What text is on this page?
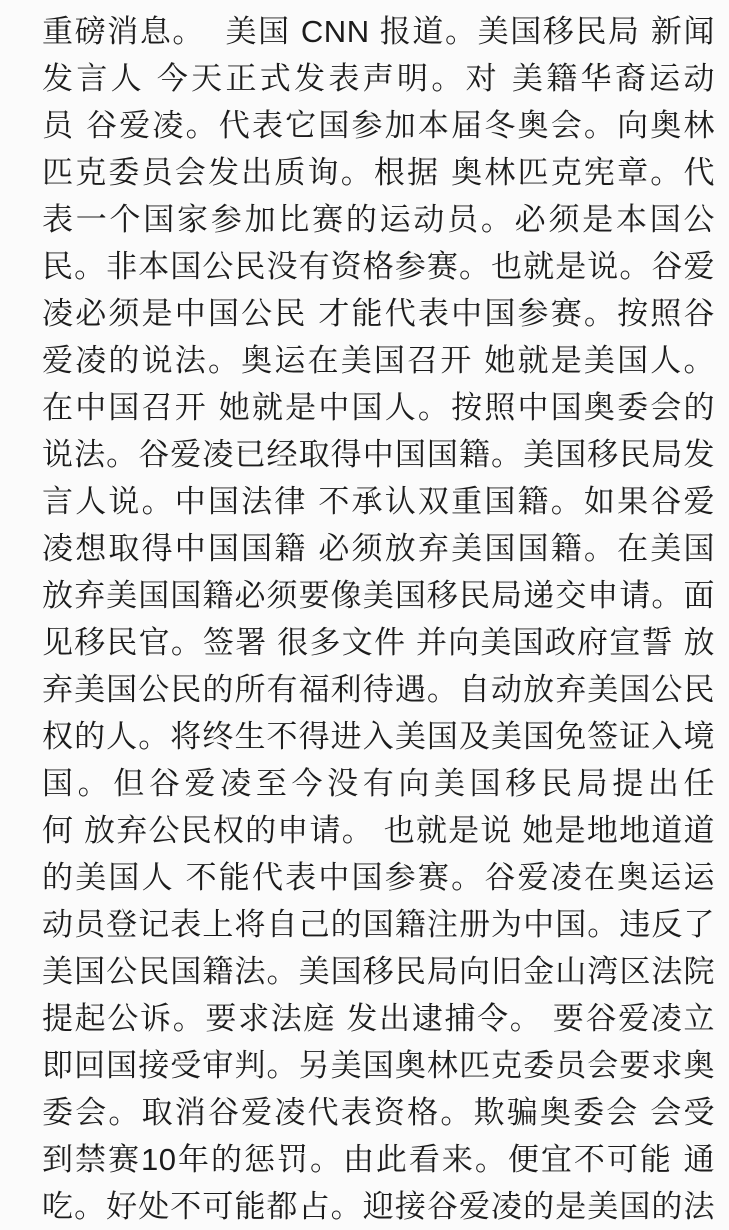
重磅消息。  美国 CNN 报道。美国移民局 新闻
发言人 今天正式发表声明。对 美籍华裔运动
员 谷爱凌。代表它国参加本届冬奥会。向奥林
匹克委员会发出质询。根据 奥林匹克宪章。代
表一个国家参加比赛的运动员。必须是本国公
民。非本国公民没有资格参赛。也就是说。谷爱
凌必须是中国公民 才能代表中国参赛。按照谷
爱凌的说法。奥运在美国召开 她就是美国人。
在中国召开 她就是中国人。按照中国奥委会的
说法。谷爱凌已经取得中国国籍。美国移民局发
言人说。中国法律 不承认双重国籍。如果谷爱
凌想取得中国国籍 必须放弃美国国籍。在美国
放弃美国国籍必须要像美国移民局递交申请。面
见移民官。签署 很多文件 并向美国政府宣誓 放
弃美国公民的所有福利待遇。自动放弃美国公民
权的人。将终生不得进入美国及美国免签证入境
国。但谷爱凌至今没有向美国移民局提出任
何 放弃公民权的申请。 也就是说 她是地地道道
的美国人 不能代表中国参赛。谷爱凌在奥运运
动员登记表上将自己的国籍注册为中国。违反了
美国公民国籍法。美国移民局向旧金山湾区法院
提起公诉。要求法庭 发出逮捕令。 要谷爱凌立
即回国接受审判。另美国奥林匹克委员会要求奥
委会。取消谷爱凌代表资格。欺骗奥委会 会受
到禁赛10年的惩罚。由此看来。便宜不可能 通
吃。好处不可能都占。迎接谷爱凌的是美国的法
